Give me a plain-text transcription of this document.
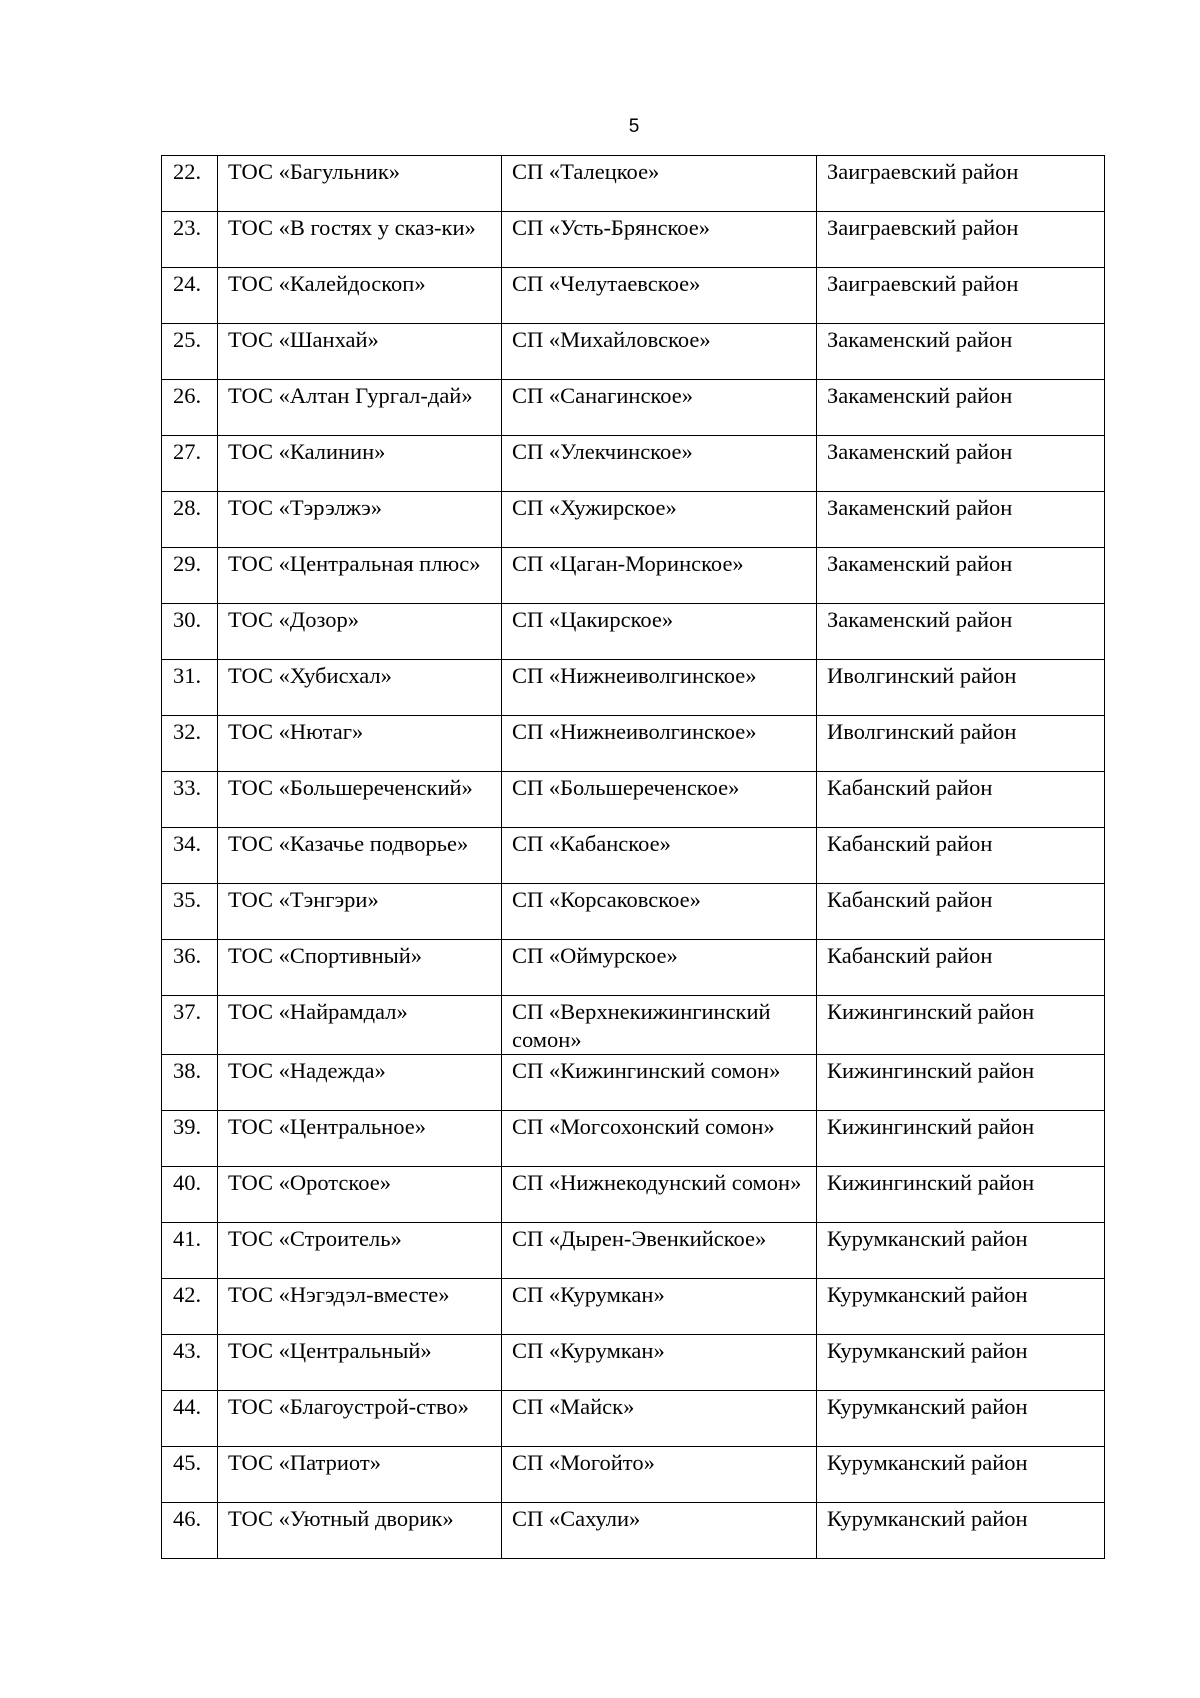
5
22.	ТОС «Багульник»	СП «Талецкое»	Заиграевский район
23.	ТОС «В гостях у сказ-ки»	СП «Усть-Брянское»	Заиграевский район
24.	ТОС «Калейдоскоп»	СП «Челутаевское»	Заиграевский район
25.	ТОС «Шанхай»	СП «Михайловское»	Закаменский район
26.	ТОС «Алтан Гургал-дай»	СП «Санагинское»	Закаменский район
27.	ТОС «Калинин»	СП «Улекчинское»	Закаменский район
28.	ТОС «Тэрэлжэ»	СП «Хужирское»	Закаменский район
29.	ТОС «Центральная плюс»	СП «Цаган-Моринское»	Закаменский район
30.	ТОС «Дозор»	СП «Цакирское»	Закаменский район
31.	ТОС «Хубисхал»	СП «Нижнеиволгинское»	Иволгинский район
32.	ТОС «Нютаг»	СП «Нижнеиволгинское»	Иволгинский район
33.	ТОС «Большереченский»	СП «Большереченское»	Кабанский район
34.	ТОС «Казачье подворье»	СП «Кабанское»	Кабанский район
35.	ТОС «Тэнгэри»	СП «Корсаковское»	Кабанский район
36.	ТОС «Спортивный»	СП «Оймурское»	Кабанский район
37.	ТОС «Найрамдал»	СП «Верхнекижингинский сомон»	Кижингинский район
38.	ТОС «Надежда»	СП «Кижингинский сомон»	Кижингинский район
39.	ТОС «Центральное»	СП «Могсохонский сомон»	Кижингинский район
40.	ТОС «Оротское»	СП «Нижнекодунский сомон»	Кижингинский район
41.	ТОС «Строитель»	СП «Дырен-Эвенкийское»	Курумканский район
42.	ТОС «Нэгэдэл-вместе»	СП «Курумкан»	Курумканский район
43.	ТОС «Центральный»	СП «Курумкан»	Курумканский район
44.	ТОС «Благоустрой-ство»	СП «Майск»	Курумканский район
45.	ТОС «Патриот»	СП «Могойто»	Курумканский район
46.	ТОС «Уютный дворик»	СП «Сахули»	Курумканский район
